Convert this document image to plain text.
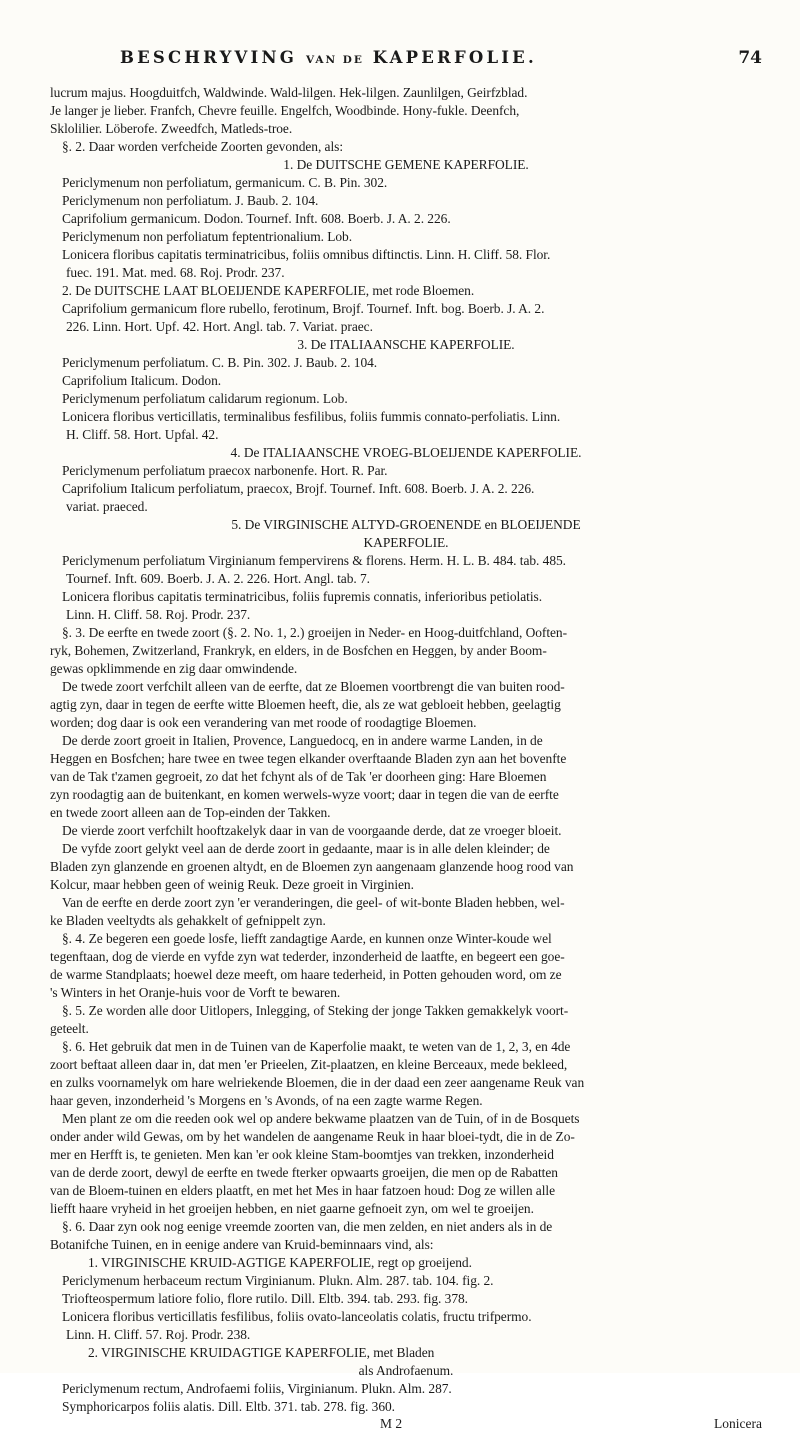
BESCHRYVING VAN DE KAPERFOLIE.	74

lucrum majus. Hoogduitfch, Waldwinde. Wald-lilgen. Hek-lilgen. Zaunlilgen, Geirfzblad.

Je langer je lieber. Franfch, Chevre feuille. Engelfch, Woodbinde. Hony-fukle. Deenfch,

Sklolilier. Löberofe. Zweedfch, Matleds-troe.

§. 2. Daar worden verfcheide Zoorten gevonden, als:

1. De DUITSCHE GEMENE KAPERFOLIE.

Periclymenum non perfoliatum, germanicum. C. B. Pin. 302.

Periclymenum non perfoliatum. J. Baub. 2. 104.

Caprifolium germanicum. Dodon. Tournef. Inft. 608. Boerb. J. A. 2. 226.

Periclymenum non perfoliatum feptentrionalium. Lob.

Lonicera floribus capitatis terminatricibus, foliis omnibus diftinctis. Linn. H. Cliff. 58. Flor.

fuec. 191. Mat. med. 68. Roj. Prodr. 237.

2. De DUITSCHE LAAT BLOEIJENDE KAPERFOLIE, met rode Bloemen.

Caprifolium germanicum flore rubello, ferotinum, Brojf. Tournef. Inft. bog. Boerb. J. A. 2.

226. Linn. Hort. Upf. 42. Hort. Angl. tab. 7. Variat. praec.

3. De ITALIAANSCHE KAPERFOLIE.

Periclymenum perfoliatum. C. B. Pin. 302. J. Baub. 2. 104.

Caprifolium Italicum. Dodon.

Periclymenum perfoliatum calidarum regionum. Lob.

Lonicera floribus verticillatis, terminalibus fesfilibus, foliis fummis connato-perfoliatis. Linn.

H. Cliff. 58. Hort. Upfal. 42.

4. De ITALIAANSCHE VROEG-BLOEIJENDE KAPERFOLIE.

Periclymenum perfoliatum praecox narbonenfe. Hort. R. Par.

Caprifolium Italicum perfoliatum, praecox, Brojf. Tournef. Inft. 608. Boerb. J. A. 2. 226.

variat. praeced.

5. De VIRGINISCHE ALTYD-GROENENDE en BLOEIJENDE

KAPERFOLIE.

Periclymenum perfoliatum Virginianum fempervirens & florens. Herm. H. L. B. 484. tab. 485.

Tournef. Inft. 609. Boerb. J. A. 2. 226. Hort. Angl. tab. 7.

Lonicera floribus capitatis terminatricibus, foliis fupremis connatis, inferioribus petiolatis.

Linn. H. Cliff. 58. Roj. Prodr. 237.

§. 3. De eerfte en twede zoort (§. 2. No. 1, 2.) groeijen in Neder- en Hoog-duitfchland, Ooften-

ryk, Bohemen, Zwitzerland, Frankryk, en elders, in de Bosfchen en Heggen, by ander Boom-

gewas opklimmende en zig daar omwindende.

De twede zoort verfchilt alleen van de eerfte, dat ze Bloemen voortbrengt die van buiten rood-

agtig zyn, daar in tegen de eerfte witte Bloemen heeft, die, als ze wat gebloeit hebben, geelagtig

worden; dog daar is ook een verandering van met roode of roodagtige Bloemen.

De derde zoort groeit in Italien, Provence, Languedocq, en in andere warme Landen, in de

Heggen en Bosfchen; hare twee en twee tegen elkander overftaande Bladen zyn aan het bovenfte

van de Tak t'zamen gegroeit, zo dat het fchynt als of de Tak 'er doorheen ging: Hare Bloemen

zyn roodagtig aan de buitenkant, en komen werwels-wyze voort; daar in tegen die van de eerfte

en twede zoort alleen aan de Top-einden der Takken.

De vierde zoort verfchilt hooftzakelyk daar in van de voorgaande derde, dat ze vroeger bloeit.

De vyfde zoort gelykt veel aan de derde zoort in gedaante, maar is in alle delen kleinder; de

Bladen zyn glanzende en groenen altydt, en de Bloemen zyn aangenaam glanzende hoog rood van

Kolcur, maar hebben geen of weinig Reuk. Deze groeit in Virginien.

Van de eerfte en derde zoort zyn 'er veranderingen, die geel- of wit-bonte Bladen hebben, wel-

ke Bladen veeltydts als gehakkelt of gefnippelt zyn.

§. 4. Ze begeren een goede losfe, liefft zandagtige Aarde, en kunnen onze Winter-koude wel

tegenftaan, dog de vierde en vyfde zyn wat tederder, inzonderheid de laatfte, en begeert een goe-

de warme Standplaats; hoewel deze meeft, om haare tederheid, in Potten gehouden word, om ze

's Winters in het Oranje-huis voor de Vorft te bewaren.

§. 5. Ze worden alle door Uitlopers, Inlegging, of Steking der jonge Takken gemakkelyk voort-

geteelt.

§. 6. Het gebruik dat men in de Tuinen van de Kaperfolie maakt, te weten van de 1, 2, 3, en 4de

zoort beftaat alleen daar in, dat men 'er Prieelen, Zit-plaatzen, en kleine Berceaux, mede bekleed,

en zulks voornamelyk om hare welriekende Bloemen, die in der daad een zeer aangename Reuk van

haar geven, inzonderheid 's Morgens en 's Avonds, of na een zagte warme Regen.

Men plant ze om die reeden ook wel op andere bekwame plaatzen van de Tuin, of in de Bosquets

onder ander wild Gewas, om by het wandelen de aangename Reuk in haar bloei-tydt, die in de Zo-

mer en Herfft is, te genieten. Men kan 'er ook kleine Stam-boomtjes van trekken, inzonderheid

van de derde zoort, dewyl de eerfte en twede fterker opwaarts groeijen, die men op de Rabatten

van de Bloem-tuinen en elders plaatft, en met het Mes in haar fatzoen houd: Dog ze willen alle

liefft haare vryheid in het groeijen hebben, en niet gaarne gefnoeit zyn, om wel te groeijen.

§. 6. Daar zyn ook nog eenige vreemde zoorten van, die men zelden, en niet anders als in de

Botanifche Tuinen, en in eenige andere van Kruid-beminnaars vind, als:

1. VIRGINISCHE KRUID-AGTIGE KAPERFOLIE, regt op groeijend.

Periclymenum herbaceum rectum Virginianum. Plukn. Alm. 287. tab. 104. fig. 2.

Triofteospermum latiore folio, flore rutilo. Dill. Eltb. 394. tab. 293. fig. 378.

Lonicera floribus verticillatis fesfilibus, foliis ovato-lanceolatis colatis, fructu trifpermo.

Linn. H. Cliff. 57. Roj. Prodr. 238.

2. VIRGINISCHE KRUIDAGTIGE KAPERFOLIE, met Bladen

als Androfaenum.

Periclymenum rectum, Androfaemi foliis, Virginianum. Plukn. Alm. 287.

Symphoricarpos foliis alatis. Dill. Eltb. 371. tab. 278. fig. 360.

M 2	Lonicera
